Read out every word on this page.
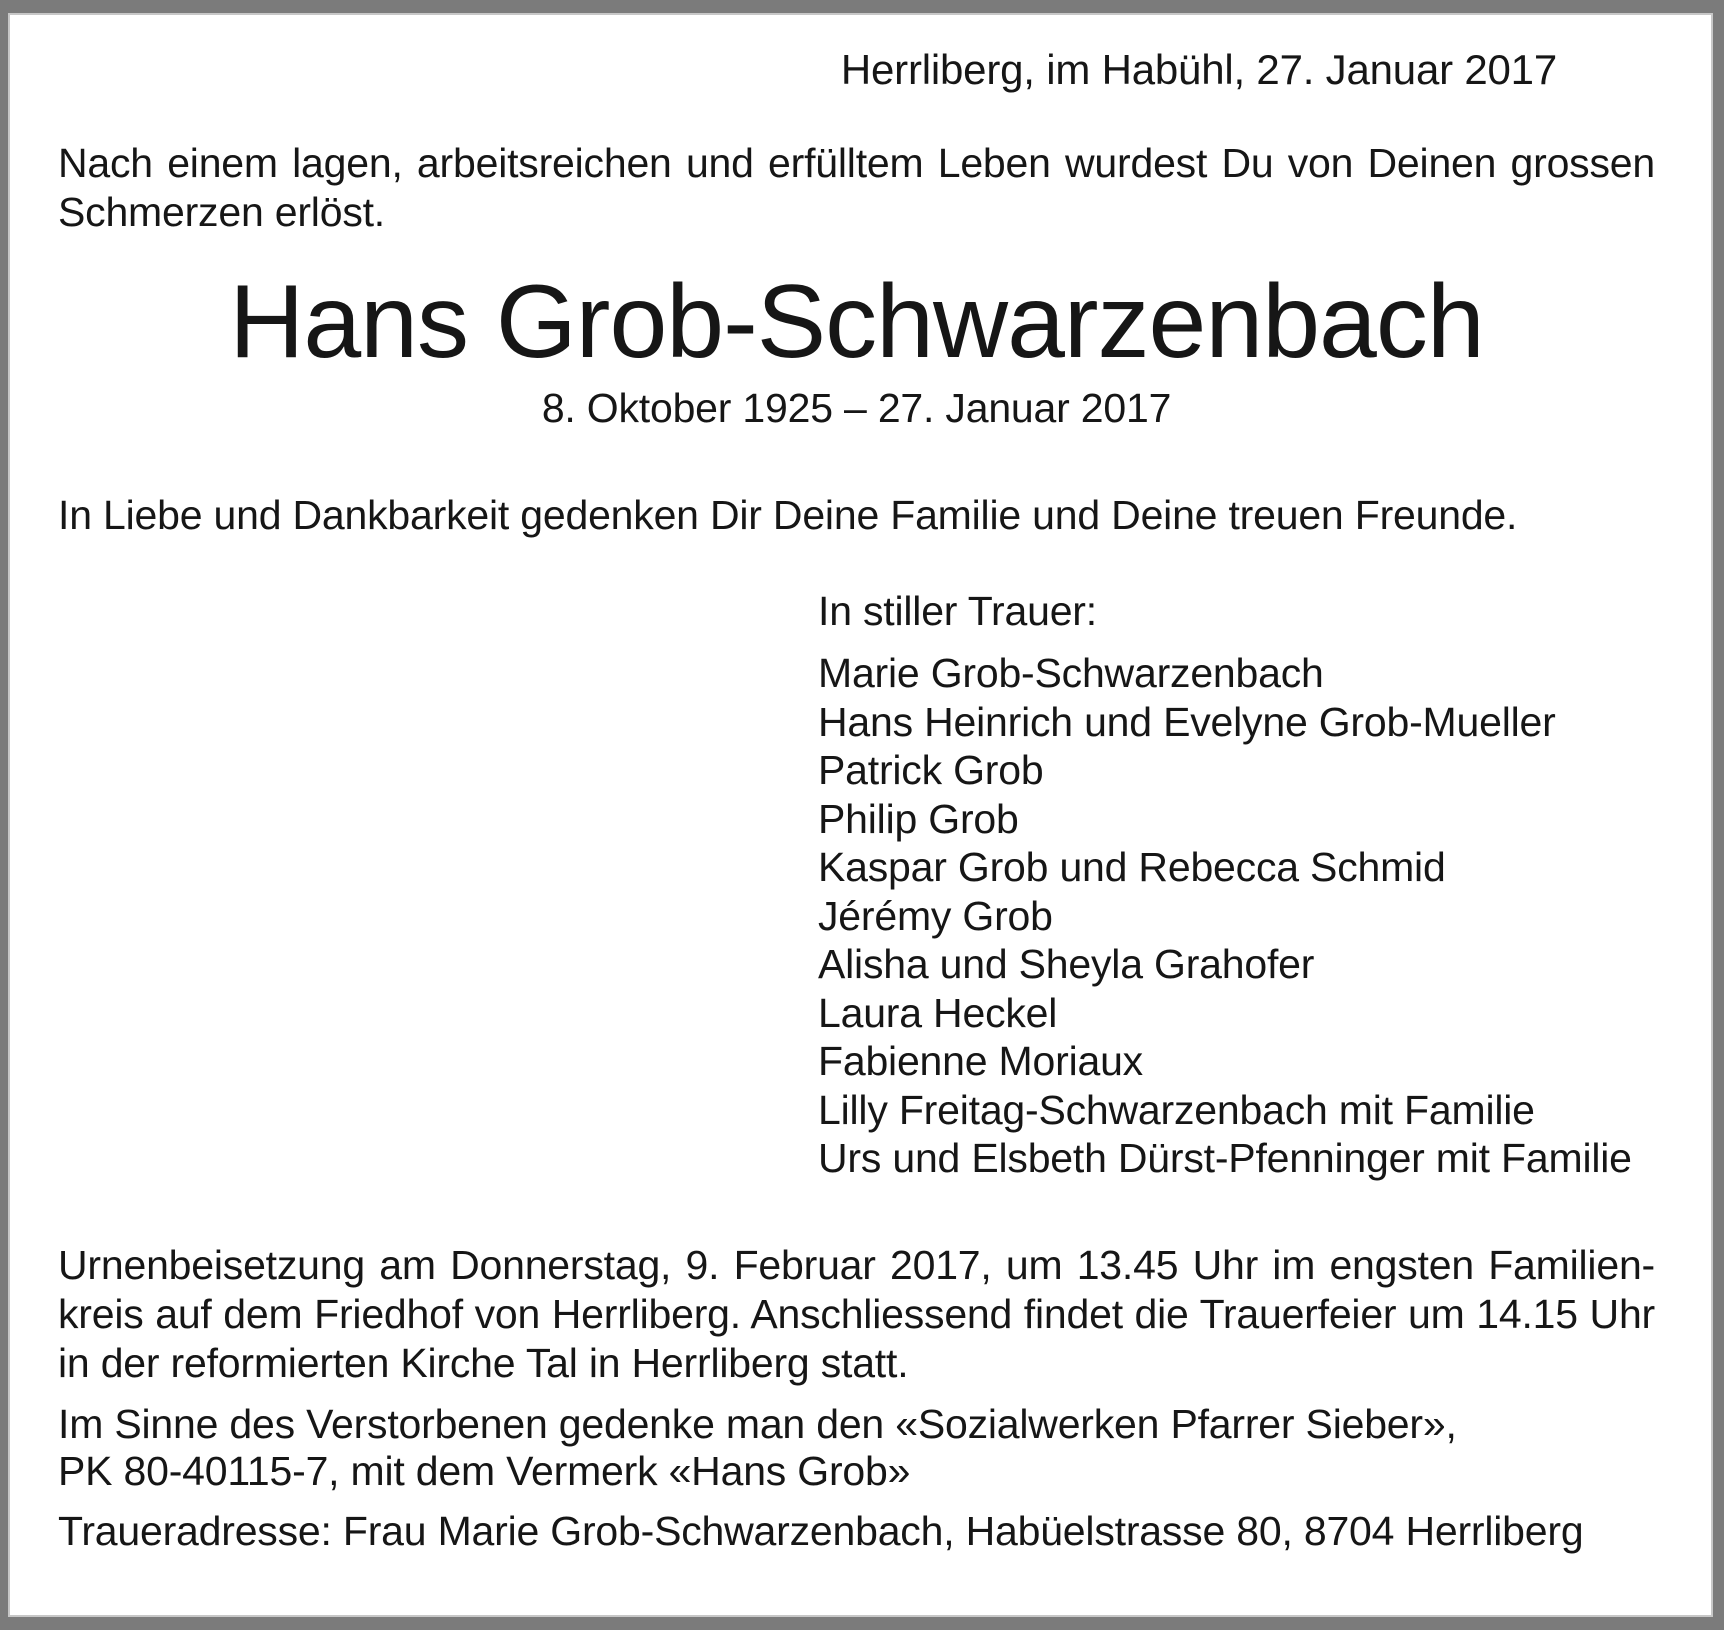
Herrliberg, im Habühl, 27. Januar 2017
Nach einem lagen, arbeitsreichen und erfülltem Leben wurdest Du von Deinen grossen
Schmerzen erlöst.
Hans Grob-Schwarzenbach
8. Oktober 1925 – 27. Januar 2017
In Liebe und Dankbarkeit gedenken Dir Deine Familie und Deine treuen Freunde.
In stiller Trauer:
Marie Grob-Schwarzenbach
Hans Heinrich und Evelyne Grob-Mueller
Patrick Grob
Philip Grob
Kaspar Grob und Rebecca Schmid
Jérémy Grob
Alisha und Sheyla Grahofer
Laura Heckel
Fabienne Moriaux
Lilly Freitag-Schwarzenbach mit Familie
Urs und Elsbeth Dürst-Pfenninger mit Familie
Urnenbeisetzung am Donnerstag, 9. Februar 2017, um 13.45 Uhr im engsten Familien-
kreis auf dem Friedhof von Herrliberg. Anschliessend findet die Trauerfeier um 14.15 Uhr
in der reformierten Kirche Tal in Herrliberg statt.
Im Sinne des Verstorbenen gedenke man den «Sozialwerken Pfarrer Sieber»,
PK 80-40115-7, mit dem Vermerk «Hans Grob»
Traueradresse: Frau Marie Grob-Schwarzenbach, Habüelstrasse 80, 8704 Herrliberg
